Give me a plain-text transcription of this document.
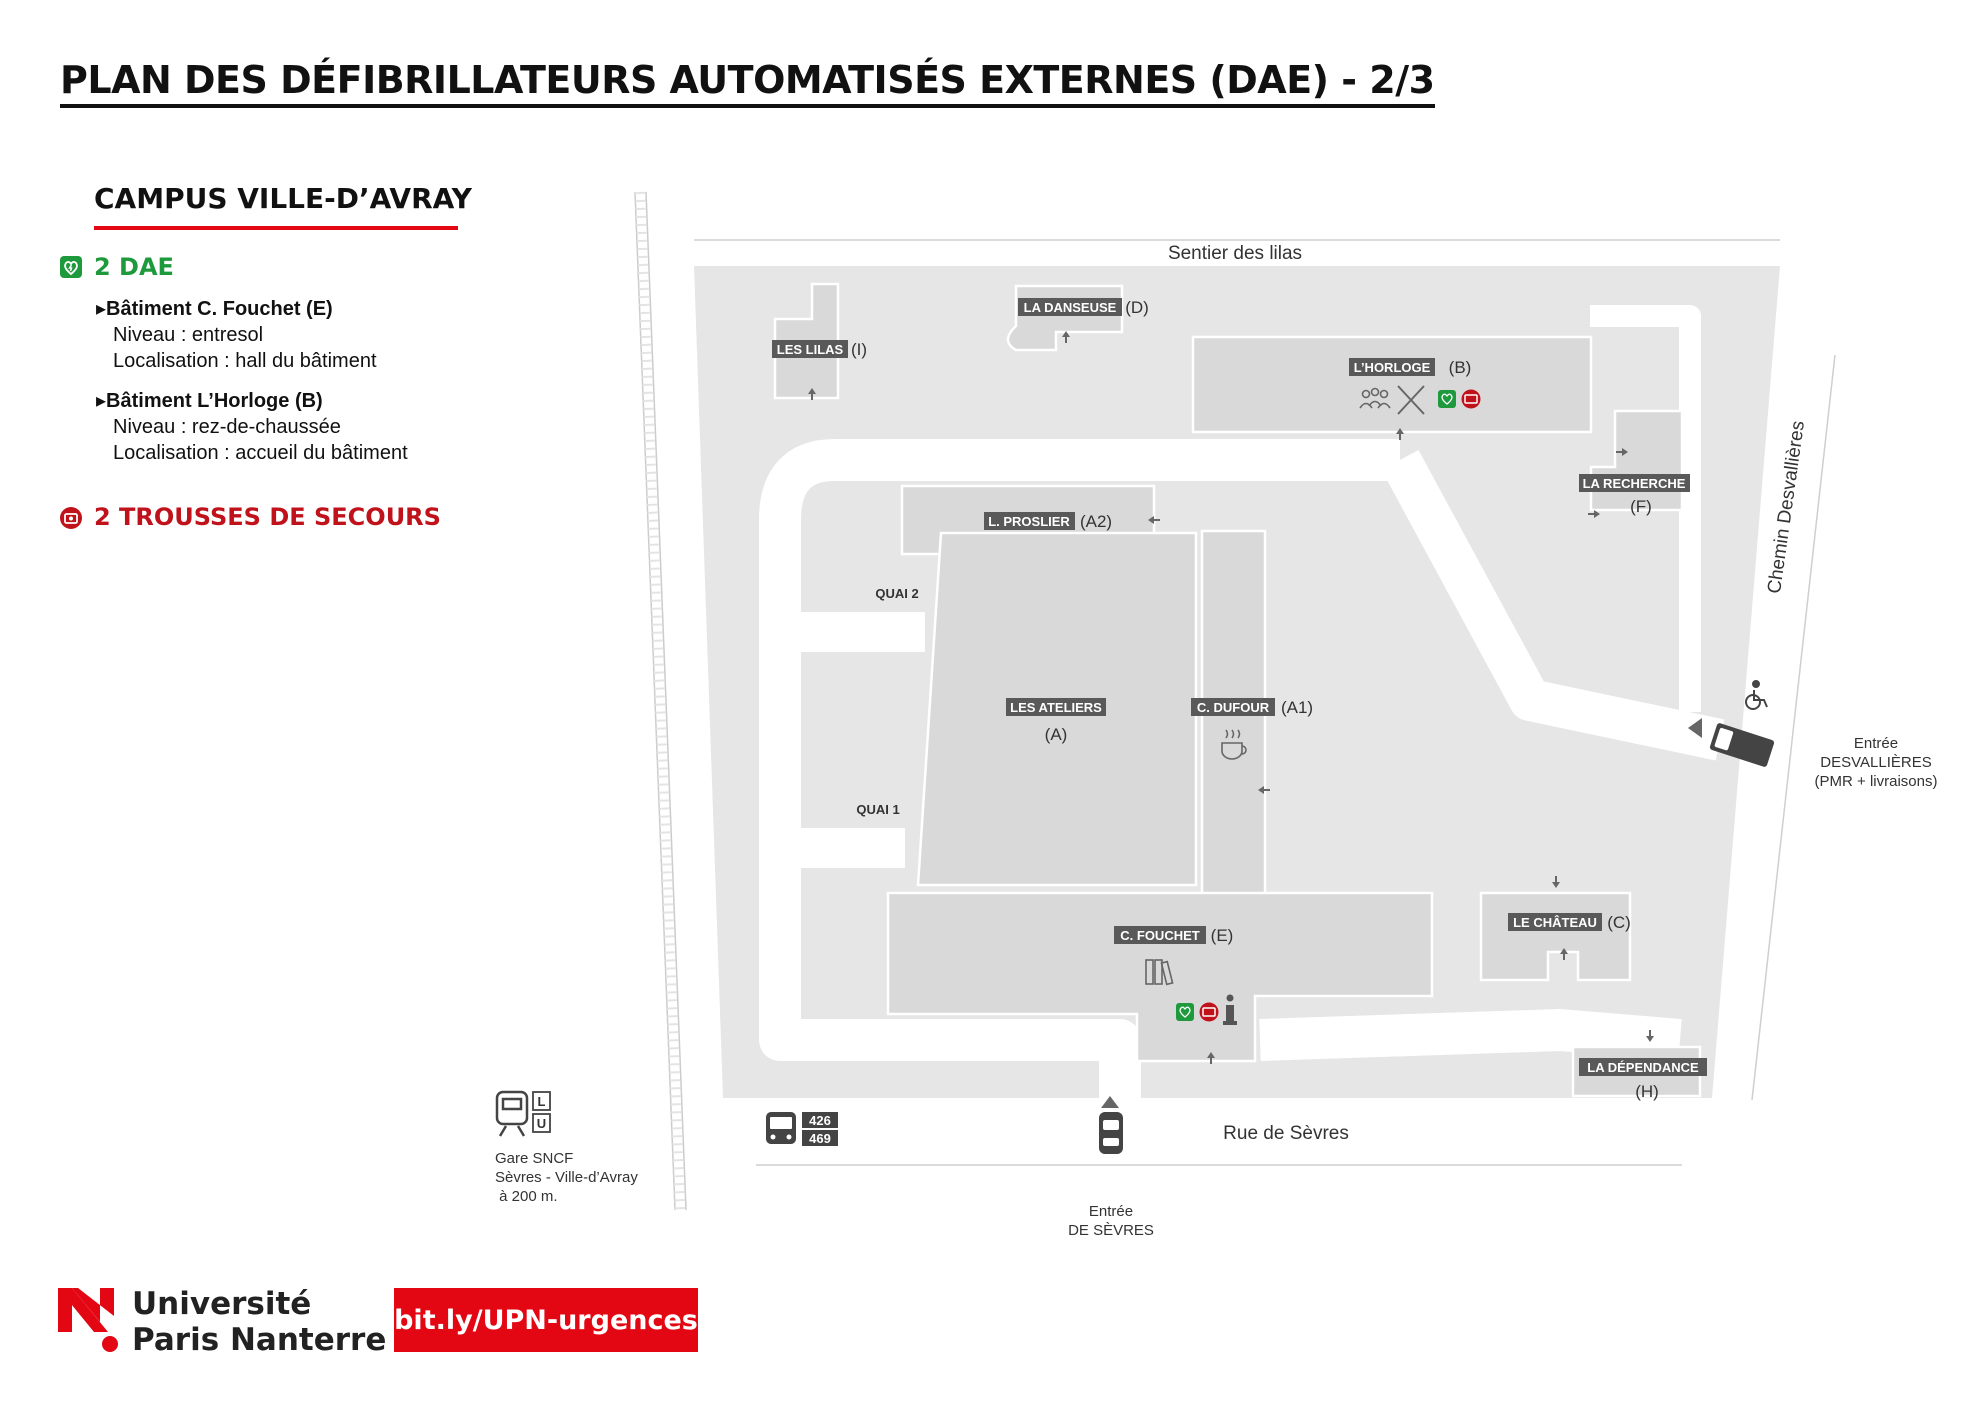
PLAN DES DÉFIBRILLATEURS AUTOMATISÉS EXTERNES (DAE) - 2/3
CAMPUS VILLE-D’AVRAY
2 DAE
▸ Bâtiment C. Fouchet (E)
Niveau : entresol
Localisation : hall du bâtiment
▸ Bâtiment L’Horloge (B)
Niveau : rez-de-chaussée
Localisation : accueil du bâtiment
2 TROUSSES DE SECOURS
LES LILAS (I)
LA DANSEUSE (D)
L’HORLOGE (B)
LA RECHERCHE
(F)
L. PROSLIER (A2)
LES ATELIERS
(A)
C. DUFOUR (A1)
C. FOUCHET (E)
LE CHÂTEAU (C)
LA DÉPENDANCE
(H)
QUAI 2
QUAI 1
Sentier des lilas
Rue de Sèvres
Chemin Desvallières
Entrée
DESVALLIÈRES
(PMR + livraisons)
Entrée
DE SÈVRES
426
469
L
U
Gare SNCF
Sèvres - Ville-d’Avray
à 200 m.
Université
Paris Nanterre
bit.ly/UPN-urgences
